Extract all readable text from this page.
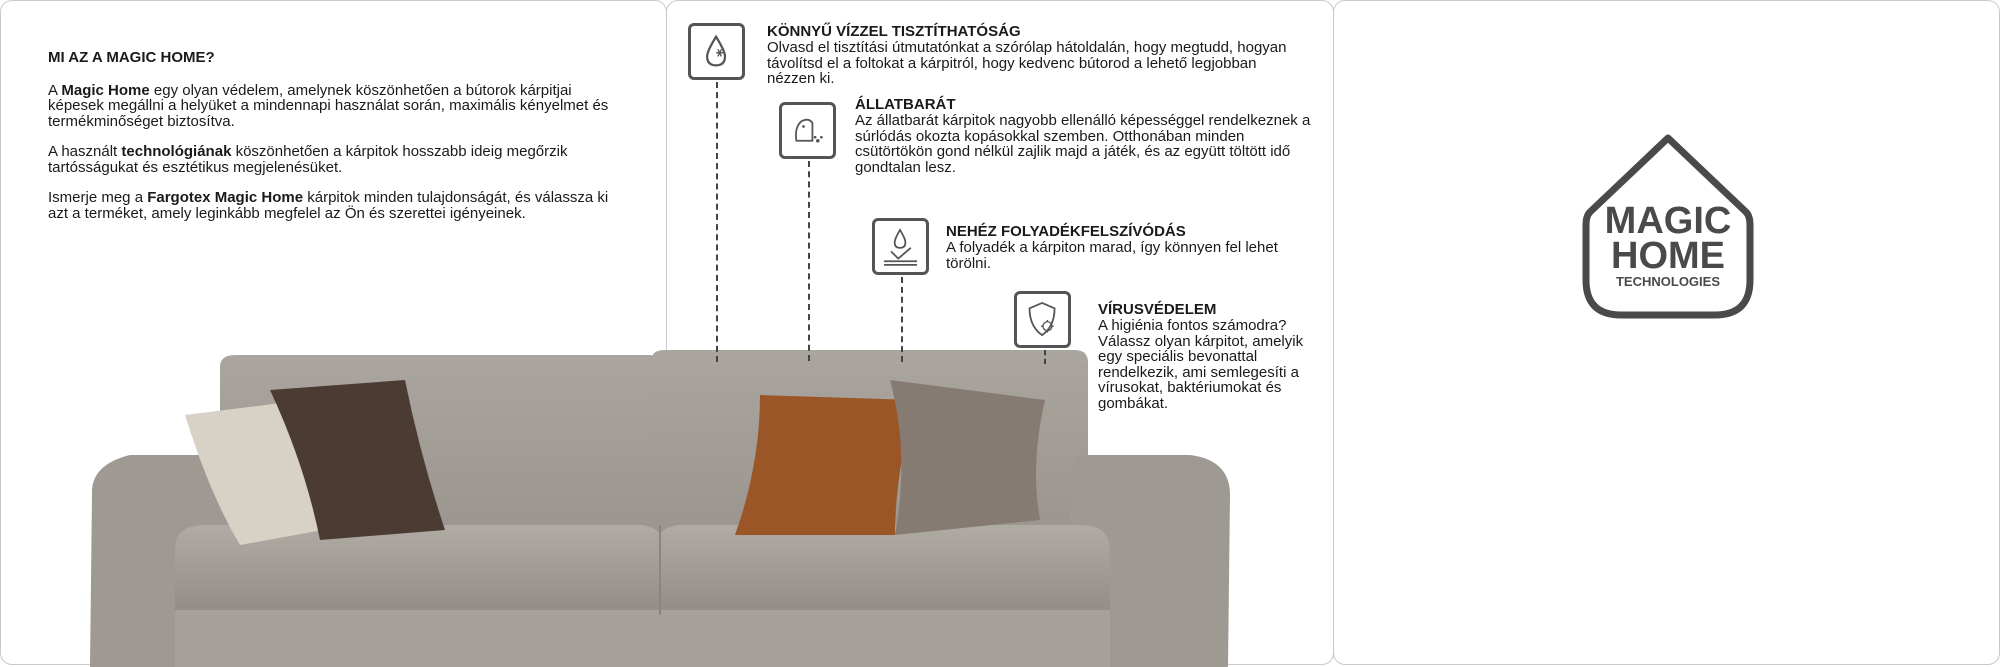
MI AZ A MAGIC HOME?

A Magic Home egy olyan védelem, amelynek köszönhetően a bútorok kárpitjai képesek megállni a helyüket a mindennapi használat során, maximális kényelmet és termékminőséget biztosítva.

A használt technológiának köszönhetően a kárpitok hosszabb ideig megőrzik tartósságukat és esztétikus megjelenésüket.

Ismerje meg a Fargotex Magic Home kárpitok minden tulajdonságát, és válassza ki azt a terméket, amely leginkább megfelel az Ön és szerettei igényeinek.

KÖNNYŰ VÍZZEL TISZTÍTHATÓSÁG
Olvasd el tisztítási útmutatónkat a szórólap hátoldalán, hogy megtudd, hogyan távolítsd el a foltokat a kárpitról, hogy kedvenc bútorod a lehető legjobban nézzen ki.
ÁLLATBARÁT
Az állatbarát kárpitok nagyobb ellenálló képességgel rendelkeznek a súrlódás okozta kopásokkal szemben. Otthonában minden csütörtökön gond nélkül zajlik majd a játék, és az együtt töltött idő gondtalan lesz.
NEHÉZ FOLYADÉKFELSZÍVÓDÁS
A folyadék a kárpiton marad, így könnyen fel lehet törölni.
VÍRUSVÉDELEM
A higiénia fontos számodra? Válassz olyan kárpitot, amelyik egy speciális bevonattal rendelkezik, ami semlegesíti a vírusokat, baktériumokat és gombákat.
MAGIC
HOME
TECHNOLOGIES
